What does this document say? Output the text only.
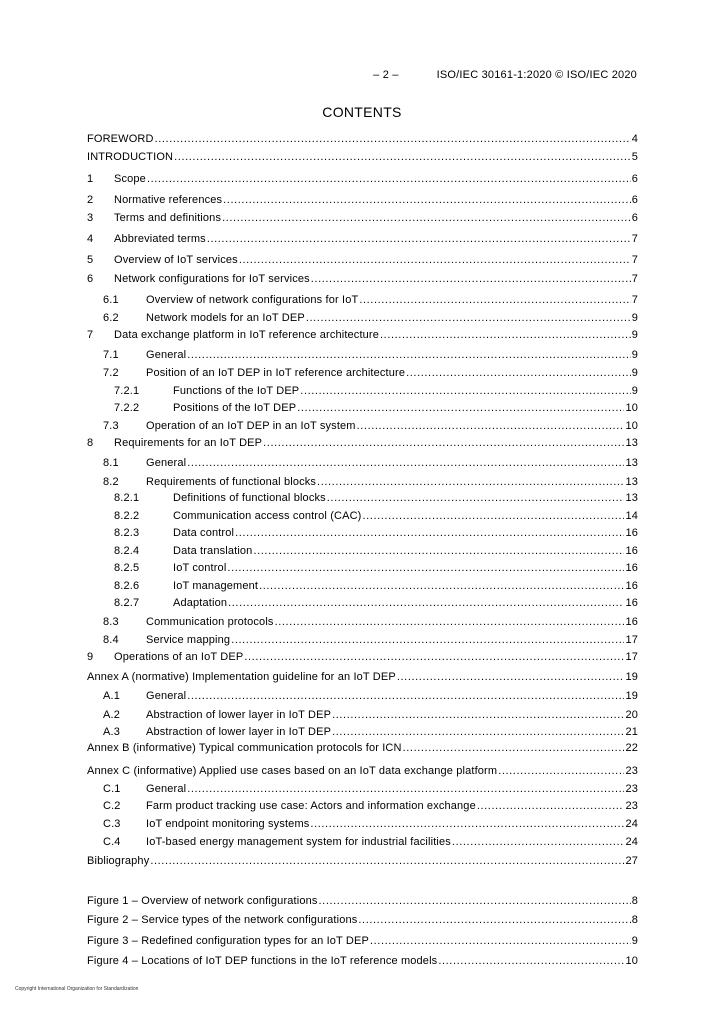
– 2 –	ISO/IEC 30161-1:2020 © ISO/IEC 2020
CONTENTS
FOREWORD .....	4
INTRODUCTION .....	5
1	Scope .....	6
2	Normative references .....	6
3	Terms and definitions .....	6
4	Abbreviated terms .....	7
5	Overview of IoT services .....	7
6	Network configurations for IoT services .....	7
6.1	Overview of network configurations for IoT .....	7
6.2	Network models for an IoT DEP .....	9
7	Data exchange platform in IoT reference architecture .....	9
7.1	General .....	9
7.2	Position of an IoT DEP in IoT reference architecture .....	9
7.2.1	Functions of the IoT DEP .....	9
7.2.2	Positions of the IoT DEP .....	10
7.3	Operation of an IoT DEP in an IoT system .....	10
8	Requirements for an IoT DEP .....	13
8.1	General .....	13
8.2	Requirements of functional blocks .....	13
8.2.1	Definitions of functional blocks .....	13
8.2.2	Communication access control (CAC) .....	14
8.2.3	Data control .....	16
8.2.4	Data translation .....	16
8.2.5	IoT control .....	16
8.2.6	IoT management .....	16
8.2.7	Adaptation .....	16
8.3	Communication protocols .....	16
8.4	Service mapping .....	17
9	Operations of an IoT DEP .....	17
Annex A (normative) Implementation guideline for an IoT DEP .....	19
A.1	General .....	19
A.2	Abstraction of lower layer in IoT DEP .....	20
A.3	Abstraction of lower layer in IoT DEP .....	21
Annex B (informative) Typical communication protocols for ICN .....	22
Annex C (informative) Applied use cases based on an IoT data exchange platform .....	23
C.1	General .....	23
C.2	Farm product tracking use case: Actors and information exchange .....	23
C.3	IoT endpoint monitoring systems .....	24
C.4	IoT-based energy management system for industrial facilities .....	24
Bibliography .....	27
Figure 1 – Overview of network configurations .....	8
Figure 2 – Service types of the network configurations .....	8
Figure 3 – Redefined configuration types for an IoT DEP .....	9
Figure 4 – Locations of IoT DEP functions in the IoT reference models .....	10
Copyright International Organization for Standardization
